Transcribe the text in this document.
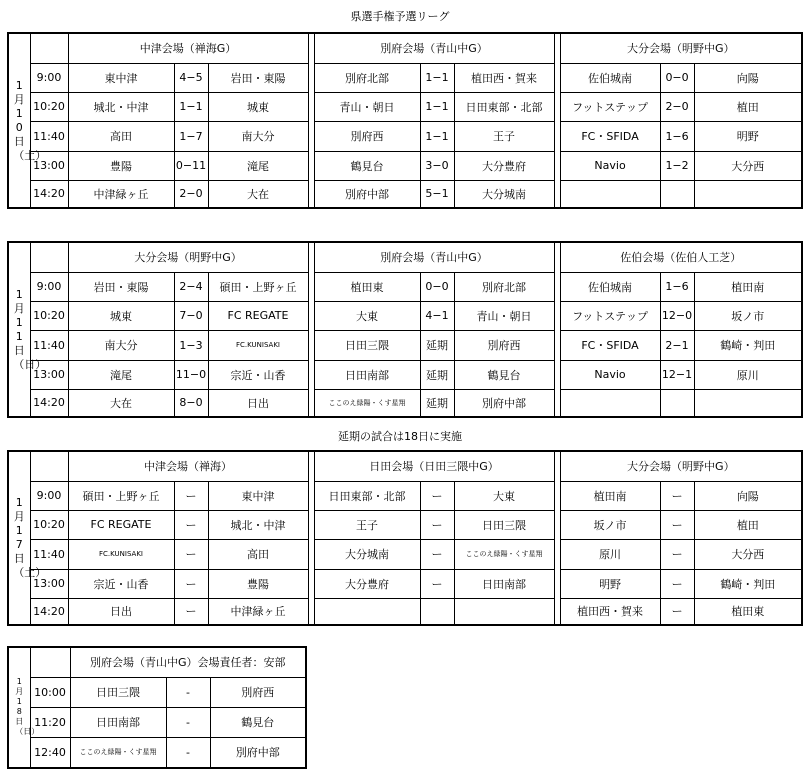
県選手権予選リーグ
1月10日（土）		中津会場（禅海G）				別府会場（青山中G）				大分会場（明野中G）		
	9:00	東中津	4−5	岩田・東陽		別府北部	1−1	植田西・賀来		佐伯城南	0−0	向陽
	10:20	城北・中津	1−1	城東		青山・朝日	1−1	日田東部・北部		フットステップ	2−0	植田
	11:40	高田	1−7	南大分		別府西	1−1	王子		FC・SFIDA	1−6	明野
	13:00	豊陽	0−11	滝尾		鶴見台	3−0	大分豊府		Navio	1−2	大分西
	14:20	中津緑ヶ丘	2−0	大在		別府中部	5−1	大分城南				
1月11日（日）		大分会場（明野中G）				別府会場（青山中G）				佐伯会場（佐伯人工芝）		
	9:00	岩田・東陽	2−4	碩田・上野ヶ丘		植田東	0−0	別府北部		佐伯城南	1−6	植田南
	10:20	城東	7−0	FC REGATE		大東	4−1	青山・朝日		フットステップ	12−0	坂ノ市
	11:40	南大分	1−3	FC.KUNISAKI		日田三隈	延期	別府西		FC・SFIDA	2−1	鶴崎・判田
	13:00	滝尾	11−0	宗近・山香		日田南部	延期	鶴見台		Navio	12−1	原川
	14:20	大在	8−0	日出		ここのえ緑陽・くす星翔	延期	別府中部				
1月17日（土）		中津会場（禅海）				日田会場（日田三隈中G）				大分会場（明野中G）		
	9:00	碩田・上野ヶ丘	ー	東中津		日田東部・北部	ー	大東		植田南	ー	向陽
	10:20	FC REGATE	ー	城北・中津		王子	ー	日田三隈		坂ノ市	ー	植田
	11:40	FC.KUNISAKI	ー	高田		大分城南	ー	ここのえ緑陽・くす星翔		原川	ー	大分西
	13:00	宗近・山香	ー	豊陽		大分豊府	ー	日田南部		明野	ー	鶴崎・判田
	14:20	日出	ー	中津緑ヶ丘						植田西・賀来	ー	植田東
1月18日（日）		別府会場（青山中G）会場責任者：安部		
	10:00	日田三隈	-	別府西
	11:20	日田南部	-	鶴見台
	12:40	ここのえ緑陽・くす星翔	-	別府中部
延期の試合は18日に実施
